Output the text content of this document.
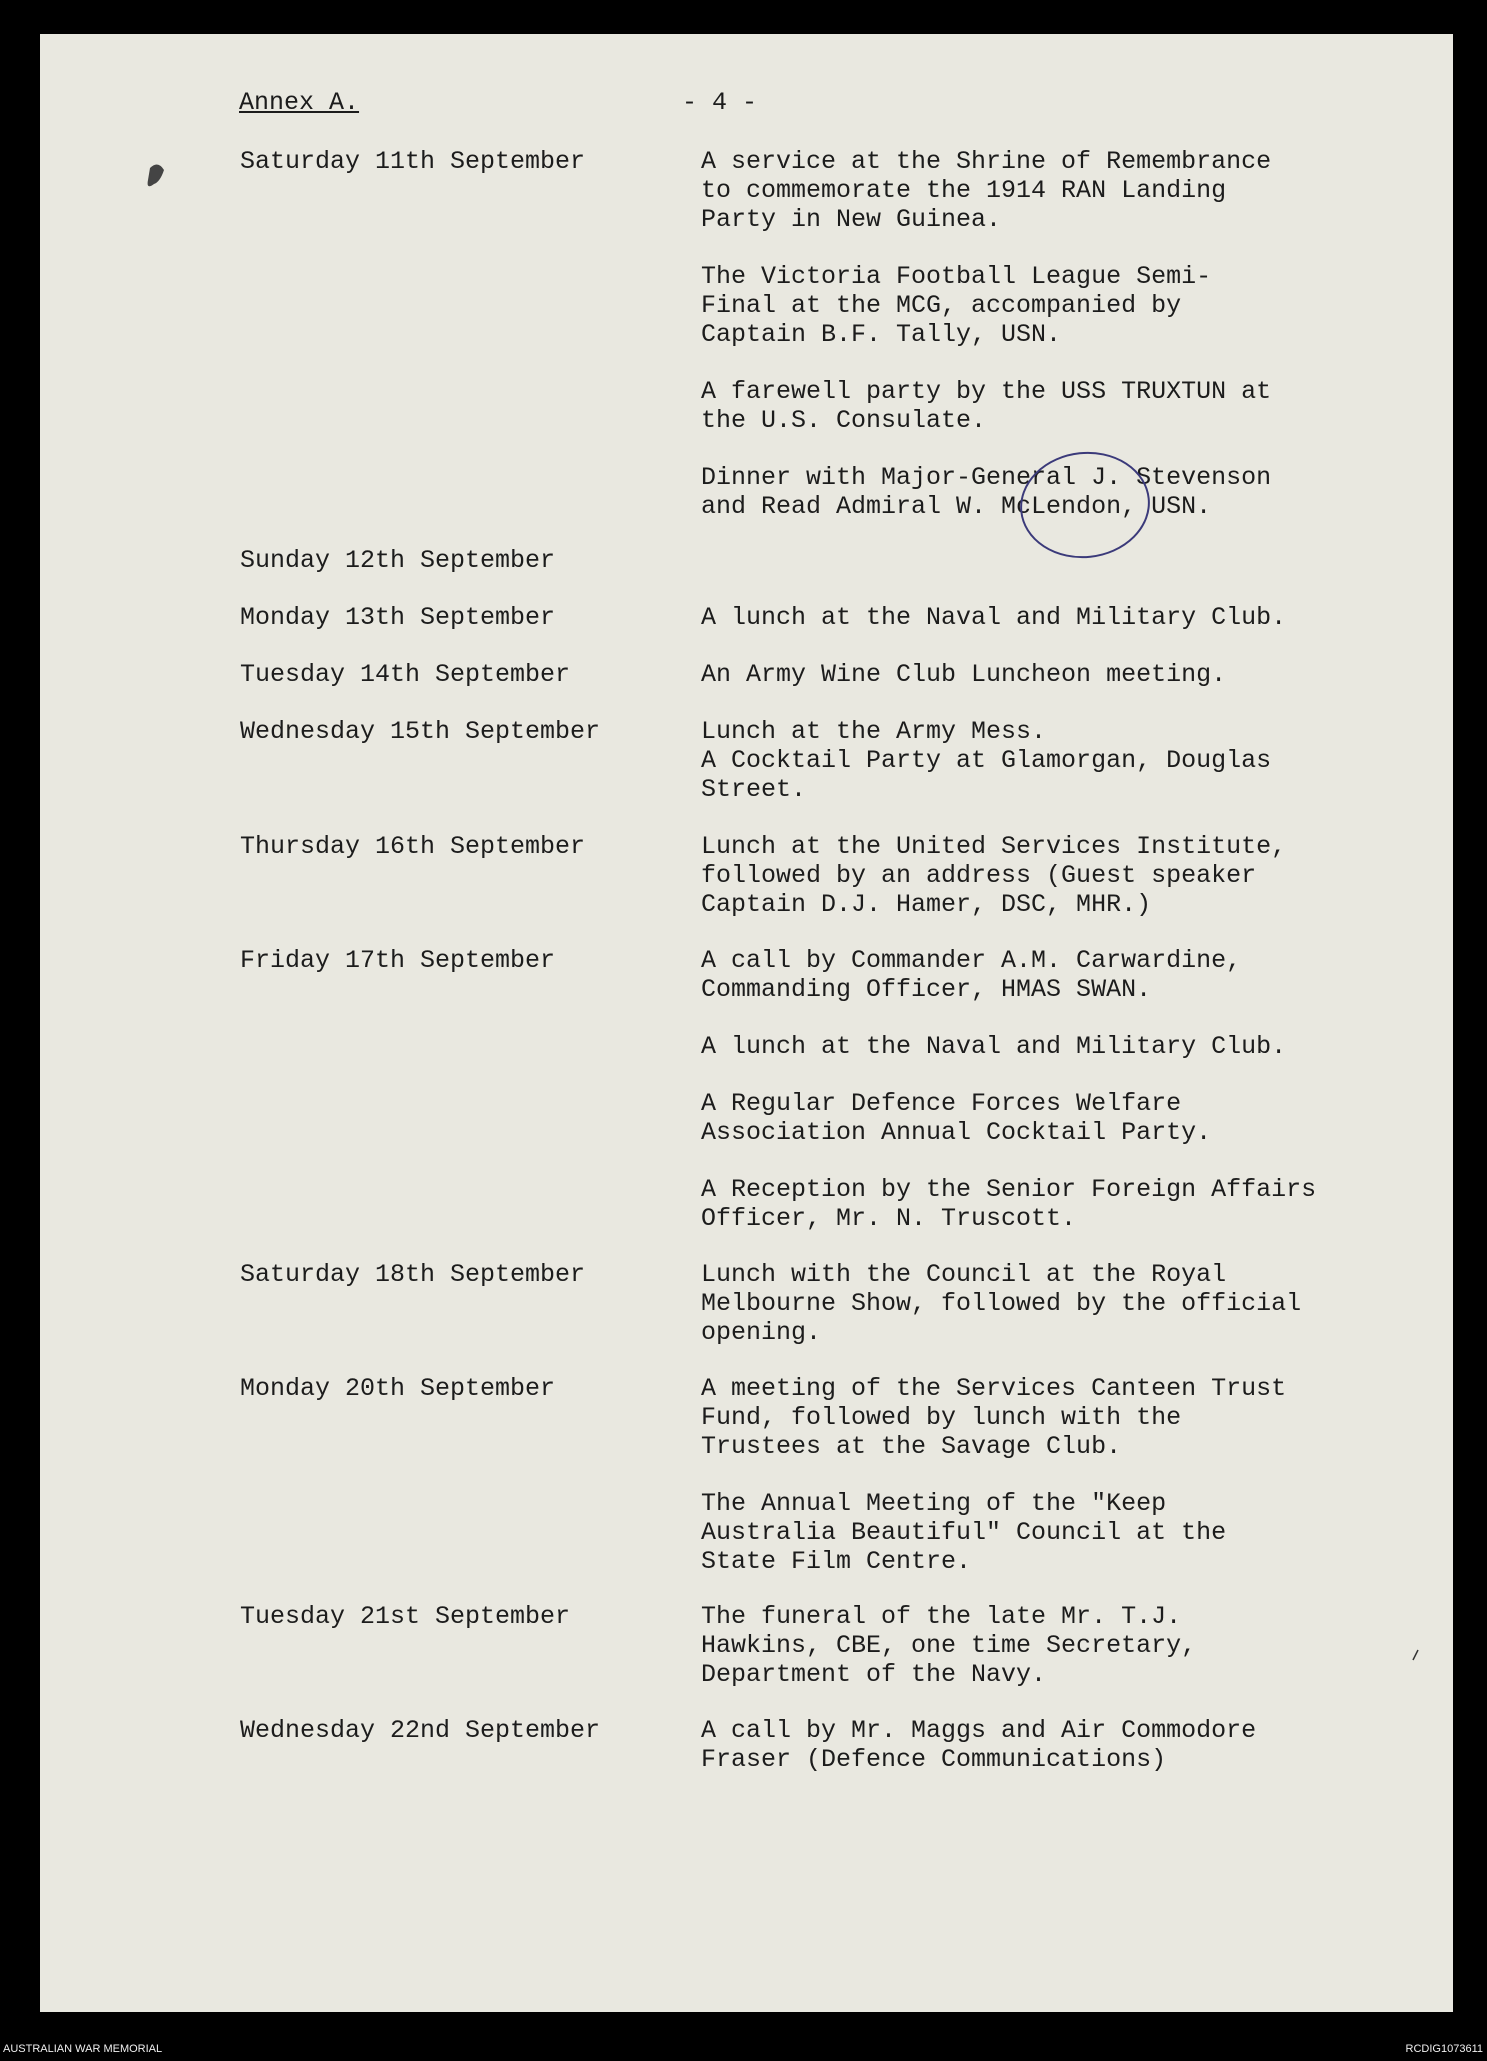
Annex A.	- 4 -
Saturday 11th September	A service at the Shrine of Remembrance
to commemorate the 1914 RAN Landing
Party in New Guinea.

The Victoria Football League Semi-
Final at the MCG, accompanied by
Captain B.F. Tally, USN.

A farewell party by the USS TRUXTUN at
the U.S. Consulate.

Dinner with Major-General J. Stevenson
and Read Admiral W. McLendon, USN.

Sunday 12th September
Monday 13th September	A lunch at the Naval and Military Club.

Tuesday 14th September	An Army Wine Club Luncheon meeting.

Wednesday 15th September	Lunch at the Army Mess.
A Cocktail Party at Glamorgan, Douglas
Street.

Thursday 16th September	Lunch at the United Services Institute,
followed by an address (Guest speaker
Captain D.J. Hamer, DSC, MHR.)

Friday 17th September	A call by Commander A.M. Carwardine,
Commanding Officer, HMAS SWAN.

A lunch at the Naval and Military Club.

A Regular Defence Forces Welfare
Association Annual Cocktail Party.

A Reception by the Senior Foreign Affairs
Officer, Mr. N. Truscott.

Saturday 18th September	Lunch with the Council at the Royal
Melbourne Show, followed by the official
opening.

Monday 20th September	A meeting of the Services Canteen Trust
Fund, followed by lunch with the
Trustees at the Savage Club.

The Annual Meeting of the "Keep
Australia Beautiful" Council at the
State Film Centre.

Tuesday 21st September	The funeral of the late Mr. T.J.
Hawkins, CBE, one time Secretary,
Department of the Navy.

Wednesday 22nd September	A call by Mr. Maggs and Air Commodore
Fraser (Defence Communications)

AUSTRALIAN WAR MEMORIAL	RCDIG1073611
